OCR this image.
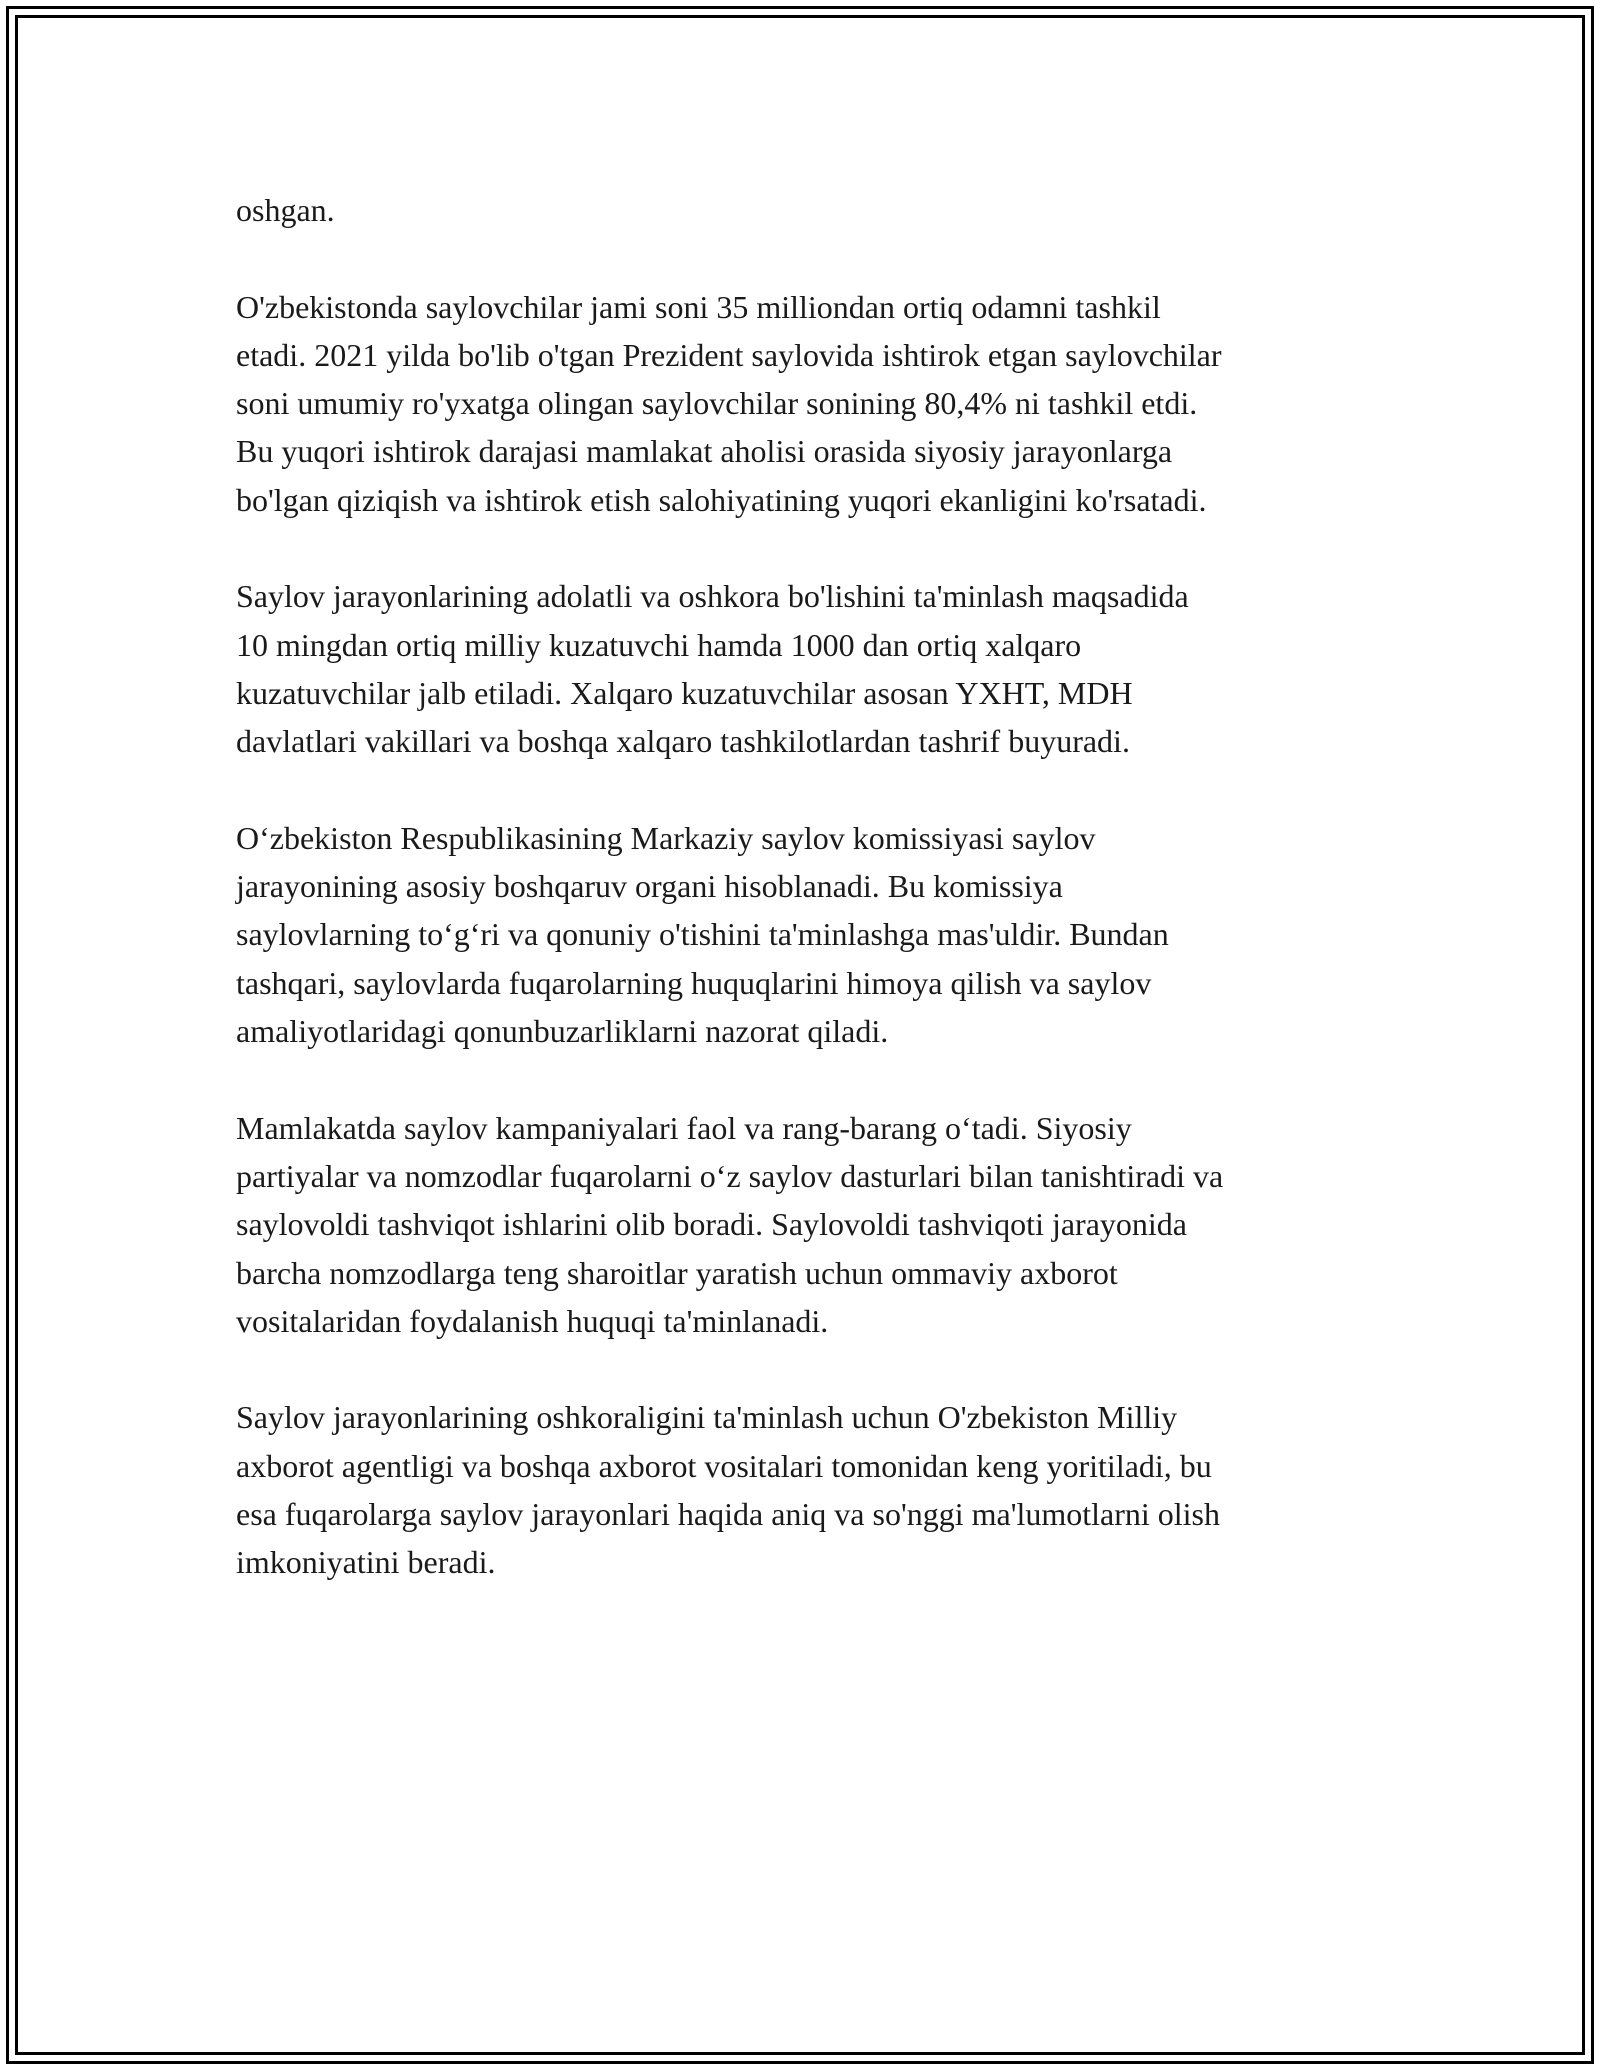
oshgan.

O'zbekistonda saylovchilar jami soni 35 milliondan ortiq odamni tashkil
etadi. 2021 yilda bo'lib o'tgan Prezident saylovida ishtirok etgan saylovchilar
soni umumiy ro'yxatga olingan saylovchilar sonining 80,4% ni tashkil etdi.
Bu yuqori ishtirok darajasi mamlakat aholisi orasida siyosiy jarayonlarga
bo'lgan qiziqish va ishtirok etish salohiyatining yuqori ekanligini ko'rsatadi.

Saylov jarayonlarining adolatli va oshkora bo'lishini ta'minlash maqsadida
10 mingdan ortiq milliy kuzatuvchi hamda 1000 dan ortiq xalqaro
kuzatuvchilar jalb etiladi. Xalqaro kuzatuvchilar asosan YXHT, MDH
davlatlari vakillari va boshqa xalqaro tashkilotlardan tashrif buyuradi.

O‘zbekiston Respublikasining Markaziy saylov komissiyasi saylov
jarayonining asosiy boshqaruv organi hisoblanadi. Bu komissiya
saylovlarning to‘g‘ri va qonuniy o'tishini ta'minlashga mas'uldir. Bundan
tashqari, saylovlarda fuqarolarning huquqlarini himoya qilish va saylov
amaliyotlaridagi qonunbuzarliklarni nazorat qiladi.

Mamlakatda saylov kampaniyalari faol va rang-barang o‘tadi. Siyosiy
partiyalar va nomzodlar fuqarolarni o‘z saylov dasturlari bilan tanishtiradi va
saylovoldi tashviqot ishlarini olib boradi. Saylovoldi tashviqoti jarayonida
barcha nomzodlarga teng sharoitlar yaratish uchun ommaviy axborot
vositalaridan foydalanish huquqi ta'minlanadi.

Saylov jarayonlarining oshkoraligini ta'minlash uchun O'zbekiston Milliy
axborot agentligi va boshqa axborot vositalari tomonidan keng yoritiladi, bu
esa fuqarolarga saylov jarayonlari haqida aniq va so'nggi ma'lumotlarni olish
imkoniyatini beradi.
